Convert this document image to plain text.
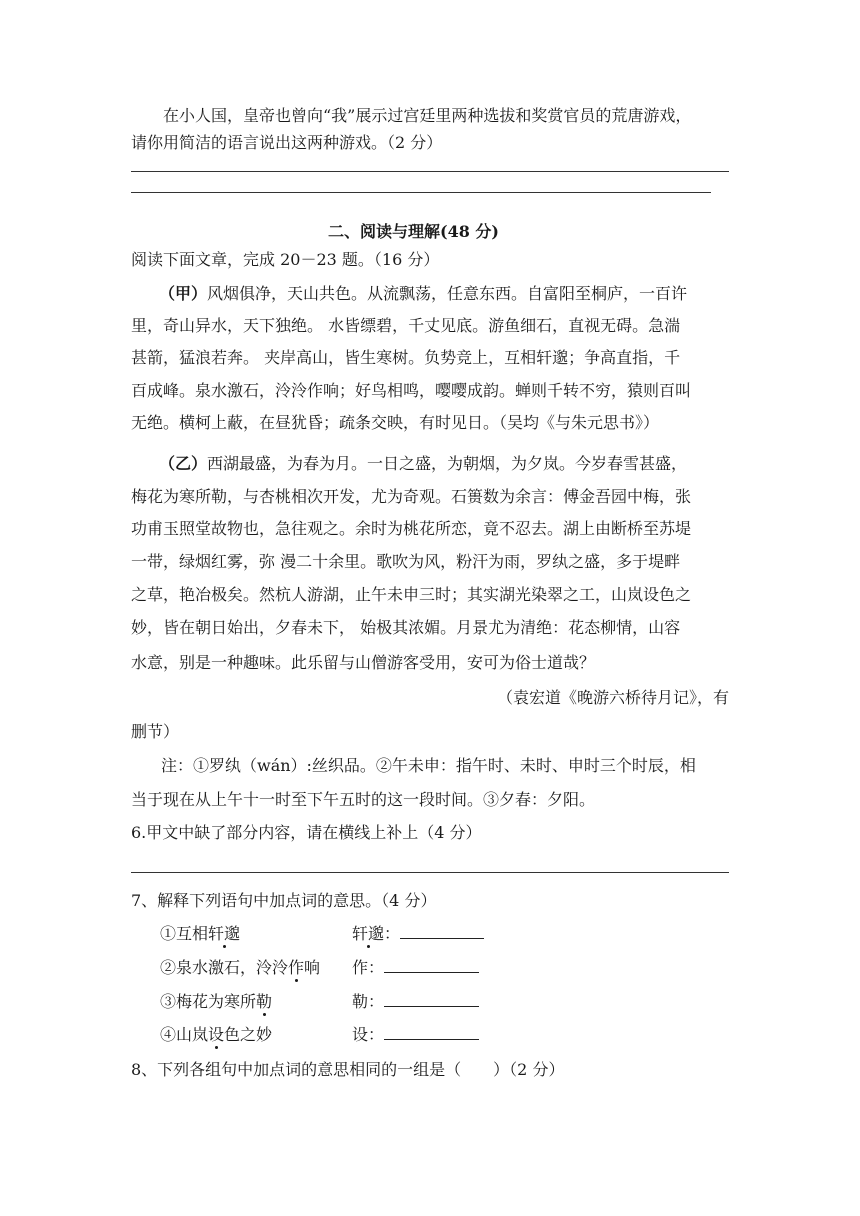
在小人国，皇帝也曾向“我”展示过宫廷里两种选拔和奖赏官员的荒唐游戏，
请你用简洁的语言说出这两种游戏。（2 分）
二、阅读与理解(48 分)
阅读下面文章，完成 20－23 题。（16 分）
（甲）风烟俱净，天山共色。从流飘荡，任意东西。自富阳至桐庐，一百许
里，奇山异水，天下独绝。 水皆缥碧，千丈见底。游鱼细石，直视无碍。急湍
甚箭，猛浪若奔。 夹岸高山，皆生寒树。负势竞上，互相轩邈；争高直指，千
百成峰。泉水激石，泠泠作响；好鸟相鸣，嘤嘤成韵。蝉则千转不穷，猿则百叫
无绝。横柯上蔽，在昼犹昏；疏条交映，有时见日。（吴均《与朱元思书》）
（乙）西湖最盛，为春为月。一日之盛，为朝烟，为夕岚。今岁春雪甚盛，
梅花为寒所勒，与杏桃相次开发，尤为奇观。石篑数为余言：傅金吾园中梅，张
功甫玉照堂故物也，急往观之。余时为桃花所恋，竟不忍去。湖上由断桥至苏堤
一带，绿烟红雾，弥 漫二十余里。歌吹为风，粉汗为雨，罗纨之盛，多于堤畔
之草，艳冶极矣。然杭人游湖，止午未申三时；其实湖光染翠之工，山岚设色之
妙，皆在朝日始出，夕春未下， 始极其浓媚。月景尤为清绝：花态柳情，山容
水意，别是一种趣味。此乐留与山僧游客受用，安可为俗士道哉？
（袁宏道《晚游六桥待月记》，有
删节）
注：①罗纨（wán）:丝织品。②午未申：指午时、未时、申时三个时辰，相
当于现在从上午十一时至下午五时的这一段时间。③夕春：夕阳。
6.甲文中缺了部分内容，请在横线上补上（4 分）
7、解释下列语句中加点词的意思。（4 分）
①互相轩邈	轩邈：
②泉水激石，泠泠作响 作：
③梅花为寒所勒	勒：
④山岚设色之妙	设：
8、下列各组句中加点词的意思相同的一组是（　　）（2 分）
